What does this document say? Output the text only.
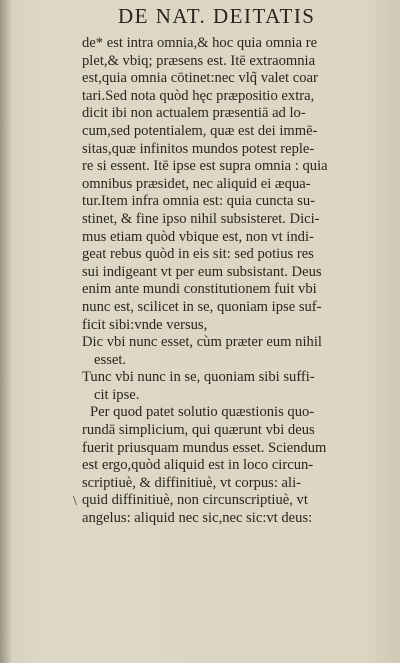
DE NAT. DEITATIS
\
de* est intra omnia,& hoc quia omnia re
plet,& vbiq; præsens est. Itē extraomnia
est,quia omnia cōtinet:nec vlq̃ valet coar
tari.Sed nota quòd hęc præpositio extra,
dicit ibi non actualem præsentiā ad lo-
cum,sed potentialem, quæ est dei immē-
sitas,quæ infinitos mundos potest reple-
re si essent. Itē ipse est supra omnia : quia
omnibus præsidet, nec aliquid ei æqua-
tur.Item infra omnia est: quia cuncta su-
stinet, & fine ipso nihil subsisteret. Dici-
mus etiam quòd vbique est, non vt indi-
geat rebus quòd in eis sit: sed potius res
sui indigeant vt per eum subsistant. Deus
enim ante mundi constitutionem fuit vbi
nunc est, scilicet in se, quoniam ipse suf-
ficit sibi:vnde versus,
Dic vbi nunc esset, cùm præter eum nihil
esset.
Tunc vbi nunc in se, quoniam sibi suffi-
cit ipse.
Per quod patet solutio quæstionis quo-
rundā simplicium, qui quærunt vbi deus
fuerit priusquam mundus esset. Sciendum
est ergo,quòd aliquid est in loco circun-
scriptiuè, & diffinitiuè, vt corpus: ali-
quid diffinitiuè, non circunscriptiuè, vt
angelus: aliquid nec sic,nec sic:vt deus:
